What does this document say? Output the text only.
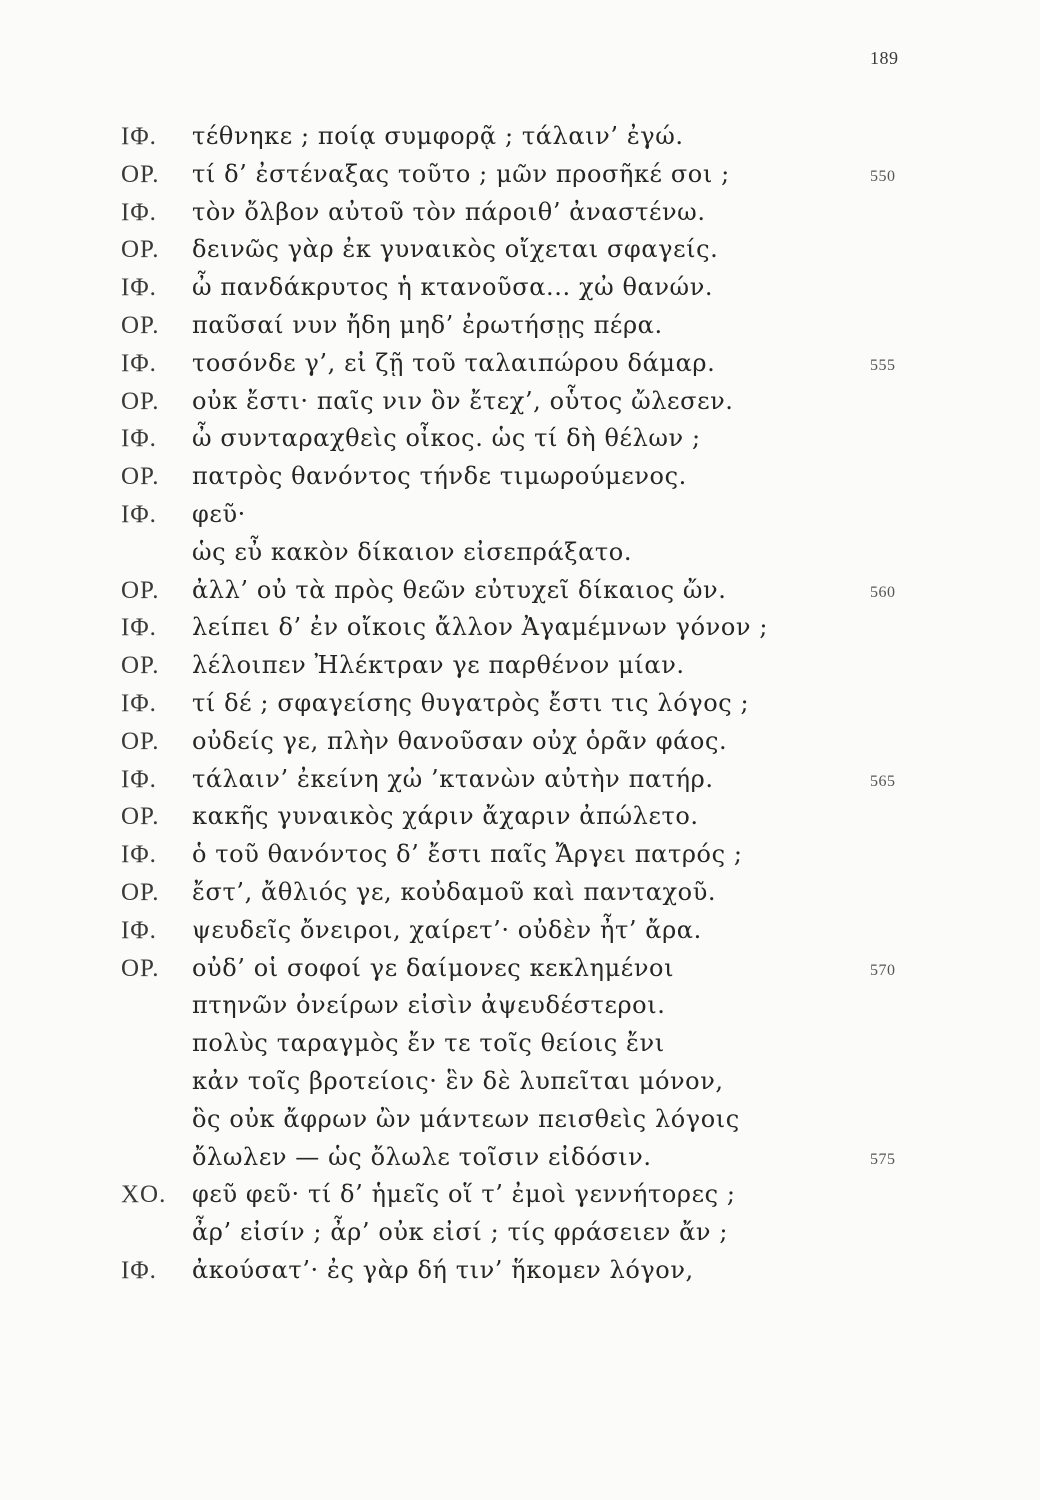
189
ΙΦ. τέθνηκε ; ποίᾳ συμφορᾷ ; τάλαιν’ ἐγώ.
ΟΡ. τί δ’ ἐστέναξας τοῦτο ; μῶν προσῆκέ σοι ;	550
ΙΦ. τὸν ὄλβον αὐτοῦ τὸν πάροιθ’ ἀναστένω.
ΟΡ. δεινῶς γὰρ ἐκ γυναικὸς οἴχεται σφαγείς.
ΙΦ. ὦ πανδάκρυτος ἡ κτανοῦσα... χὠ θανών.
ΟΡ. παῦσαί νυν ἤδη μηδ’ ἐρωτήσῃς πέρα.
ΙΦ. τοσόνδε γ’, εἰ ζῇ τοῦ ταλαιπώρου δάμαρ.	555
ΟΡ. οὐκ ἔστι· παῖς νιν ὃν ἔτεχ’, οὗτος ὤλεσεν.
ΙΦ. ὦ συνταραχθεὶς οἶκος. ὡς τί δὴ θέλων ;
ΟΡ. πατρὸς θανόντος τήνδε τιμωρούμενος.
ΙΦ. φεῦ·
ὡς εὖ κακὸν δίκαιον εἰσεπράξατο.
ΟΡ. ἀλλ’ οὐ τὰ πρὸς θεῶν εὐτυχεῖ δίκαιος ὤν.	560
ΙΦ. λείπει δ’ ἐν οἴκοις ἄλλον Ἀγαμέμνων γόνον ;
ΟΡ. λέλοιπεν Ἠλέκτραν γε παρθένον μίαν.
ΙΦ. τί δέ ; σφαγείσης θυγατρὸς ἔστι τις λόγος ;
ΟΡ. οὐδείς γε, πλὴν θανοῦσαν οὐχ ὁρᾶν φάος.
ΙΦ. τάλαιν’ ἐκείνη χὠ ’κτανὼν αὐτὴν πατήρ.	565
ΟΡ. κακῆς γυναικὸς χάριν ἄχαριν ἀπώλετο.
ΙΦ. ὁ τοῦ θανόντος δ’ ἔστι παῖς Ἄργει πατρός ;
ΟΡ. ἔστ’, ἄθλιός γε, κοὐδαμοῦ καὶ πανταχοῦ.
ΙΦ. ψευδεῖς ὄνειροι, χαίρετ’· οὐδὲν ἦτ’ ἄρα.
ΟΡ. οὐδ’ οἱ σοφοί γε δαίμονες κεκλημένοι	570
πτηνῶν ὀνείρων εἰσὶν ἀψευδέστεροι.
πολὺς ταραγμὸς ἔν τε τοῖς θείοις ἔνι
κἀν τοῖς βροτείοις· ἓν δὲ λυπεῖται μόνον,
ὃς οὐκ ἄφρων ὢν μάντεων πεισθεὶς λόγοις
ὄλωλεν — ὡς ὄλωλε τοῖσιν εἰδόσιν.	575
ΧΟ. φεῦ φεῦ· τί δ’ ἡμεῖς οἵ τ’ ἐμοὶ γεννήτορες ;
ἆρ’ εἰσίν ; ἆρ’ οὐκ εἰσί ; τίς φράσειεν ἄν ;
ΙΦ. ἀκούσατ’· ἐς γὰρ δή τιν’ ἥκομεν λόγον,
